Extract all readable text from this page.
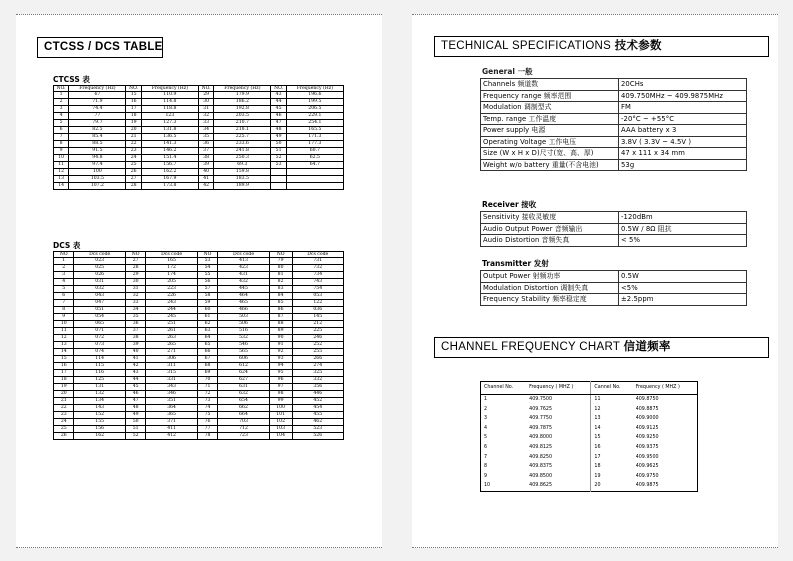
CTCSS / DCS TABLE
CTCSS 表
NO.	Frequency (Hz)	NO.	Frequency (Hz)	NO.	Frequency (Hz)	NO.	Frequency (Hz)
1	67	15	110.9	29	179.9	43	196.6
2	71.9	16	114.8	30	186.2	44	199.5
3	74.4	17	118.8	31	192.8	45	206.5
4	77	18	123	32	203.5	46	229.1
5	79.7	19	127.3	33	210.7	47	254.1
6	82.5	20	131.8	34	218.1	48	165.5
7	85.4	21	136.5	35	225.7	49	171.3
8	88.5	22	141.3	36	233.6	50	177.3
9	91.5	23	146.2	37	241.8	51	60.7
10	94.8	24	151.4	38	250.3	52	62.5
11	97.4	25	156.7	39	69.3	53	64.7
12	100	26	162.2	40	159.8		
13	103.5	27	167.9	41	183.5		
14	107.2	28	173.8	42	189.9		
DCS 表
NO	Dcs code	NO	Dcs code	NO	Dcs code	NO	Dcs code
1	023	27	165	53	413	79	731
2	025	28	172	54	423	80	732
3	026	29	174	55	431	81	734
4	031	30	205	56	432	82	743
5	032	31	223	57	445	83	754
6	043	32	226	58	464	84	053
7	047	33	243	59	465	85	122
8	051	34	244	60	466	86	036
9	054	35	245	61	503	87	145
10	065	36	251	62	506	88	212
11	071	37	261	63	516	89	225
12	072	38	263	64	532	90	246
13	073	39	265	65	546	91	252
14	074	40	271	66	565	92	255
15	114	41	306	67	606	93	266
16	115	42	311	68	612	94	274
17	116	43	315	69	624	95	325
18	125	44	331	70	627	96	332
19	131	45	343	71	631	97	356
20	132	46	346	72	632	98	446
21	134	47	351	73	654	99	452
22	143	48	364	74	662	100	454
23	152	49	365	75	664	101	455
24	155	50	371	76	703	102	462
25	156	51	411	77	712	103	523
26	162	52	412	78	723	104	526
TECHNICAL SPECIFICATIONS 技术参数
General 一般
Channels 频道数	20CHs
Frequency range 频率范围	409.750MHz ~ 409.9875MHz
Modulation 调制型式	FM
Temp. range 工作温度	-20°C ~ +55°C
Power supply 电源	AAA battery x 3
Operating Voltage 工作电压	3.8V ( 3.3V ~ 4.5V )
Size (W x H x D)尺寸(宽、高、厚)	47 x 111 x 34 mm
Weight w/o battery 重量(不含电池)	53g
Receiver 接收
Sensitivity 接收灵敏度	-120dBm
Audio Output Power 音频输出	0.5W / 8Ω 阻抗
Audio Distortion 音频失真	< 5%
Transmitter 发射
Output Power 射频功率	0.5W
Modulation Distortion 调制失真	<5%
Frequency Stability 频率稳定度	±2.5ppm
CHANNEL FREQUENCY CHART 信道频率
Channel No.	Frequency ( MHZ )	Cannel No.	Frequency ( MHZ )
1	409.7500	11	409.8750
2	409.7625	12	409.8875
3	409.7750	13	409.9000
4	409.7875	14	409.9125
5	409.8000	15	409.9250
6	409.8125	16	409.9375
7	409.8250	17	409.9500
8	409.8375	18	409.9625
9	409.8500	19	409.9750
10	409.8625	20	409.9875
